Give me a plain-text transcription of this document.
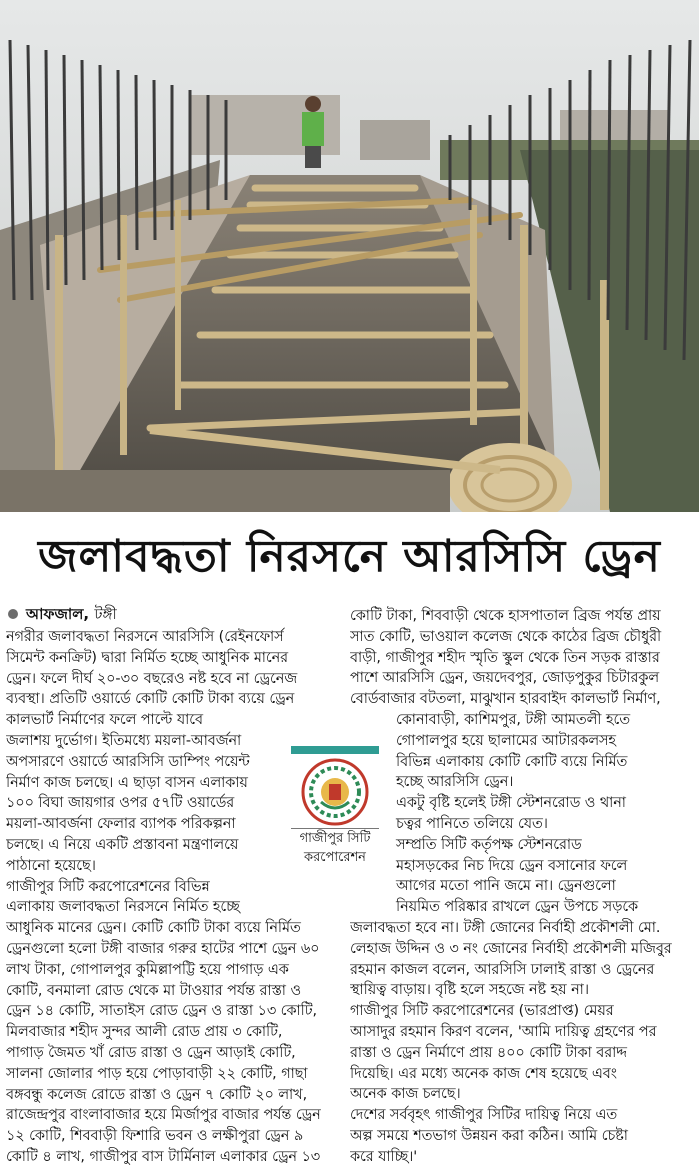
জলাবদ্ধতা নিরসনে আরসিসি ড্রেন
আফজাল, টঙ্গী
নগরীর জলাবদ্ধতা নিরসনে আরসিসি (রেইনফোর্স
সিমেন্ট কনক্রিট) দ্বারা নির্মিত হচ্ছে আধুনিক মানের
ড্রেন। ফলে দীর্ঘ ২০-৩০ বছরেও নষ্ট হবে না ড্রেনেজ
ব্যবস্থা। প্রতিটি ওয়ার্ডে কোটি কোটি টাকা ব্যয়ে ড্রেন
কালভার্ট নির্মাণের ফলে পাল্টে যাবে
জলাশয় দুর্ভোগ। ইতিমধ্যে ময়লা-আবর্জনা
অপসারণে ওয়ার্ডে আরসিসি ডাম্পিং পয়েন্ট
নির্মাণ কাজ চলছে। এ ছাড়া বাসন এলাকায়
১০০ বিঘা জায়গার ওপর ৫৭টি ওয়ার্ডের
ময়লা-আবর্জনা ফেলার ব্যাপক পরিকল্পনা
চলছে। এ নিয়ে একটি প্রস্তাবনা মন্ত্রণালয়ে
পাঠানো হয়েছে।
গাজীপুর সিটি করপোরেশনের বিভিন্ন
এলাকায় জলাবদ্ধতা নিরসনে নির্মিত হচ্ছে
আধুনিক মানের ড্রেন। কোটি কোটি টাকা ব্যয়ে নির্মিত
ড্রেনগুলো হলো টঙ্গী বাজার গরুর হাটের পাশে ড্রেন ৬০
লাখ টাকা, গোপালপুর কুমিল্লাপট্টি হয়ে পাগাড় এক
কোটি, বনমালা রোড থেকে মা টাওয়ার পর্যন্ত রাস্তা ও
ড্রেন ১৪ কোটি, সাতাইস রোড ড্রেন ও রাস্তা ১৩ কোটি,
মিলবাজার শহীদ সুন্দর আলী রোড প্রায় ৩ কোটি,
পাগাড় জৈমত খাঁ রোড রাস্তা ও ড্রেন আড়াই কোটি,
সালনা জোলার পাড় হয়ে পোড়াবাড়ী ২২ কোটি, গাছা
বঙ্গবন্ধু কলেজ রোডে রাস্তা ও ড্রেন ৭ কোটি ২০ লাখ,
রাজেন্দ্রপুর বাংলাবাজার হয়ে মির্জাপুর বাজার পর্যন্ত ড্রেন
১২ কোটি, শিববাড়ী ফিশারি ভবন ও লক্ষীপুরা ড্রেন ৯
কোটি ৪ লাখ, গাজীপুর বাস টার্মিনাল এলাকার ড্রেন ১৩
গাজীপুর সিটি
করপোরেশন
কোটি টাকা, শিববাড়ী থেকে হাসপাতাল ব্রিজ পর্যন্ত প্রায়
সাত কোটি, ভাওয়াল কলেজ থেকে কাঠের ব্রিজ চৌধুরী
বাড়ী, গাজীপুর শহীদ স্মৃতি স্কুল থেকে তিন সড়ক রাস্তার
পাশে আরসিসি ড্রেন, জয়দেবপুর, জোড়পুকুর চিটারকুল
বোর্ডবাজার বটতলা, মাঝুখান হারবাইদ কালভার্ট নির্মাণ,
কোনাবাড়ী, কাশিমপুর, টঙ্গী আমতলী হতে
গোপালপুর হয়ে ছালামের আটারকলসহ
বিভিন্ন এলাকায় কোটি কোটি ব্যয়ে নির্মিত
হচ্ছে আরসিসি ড্রেন।
একটু বৃষ্টি হলেই টঙ্গী স্টেশনরোড ও থানা
চত্বর পানিতে তলিয়ে যেত।
সম্প্রতি সিটি কর্তৃপক্ষ স্টেশনরোড
মহাসড়কের নিচ দিয়ে ড্রেন বসানোর ফলে
আগের মতো পানি জমে না। ড্রেনগুলো
নিয়মিত পরিষ্কার রাখলে ড্রেন উপচে সড়কে
জলাবদ্ধতা হবে না। টঙ্গী জোনের নির্বাহী প্রকৌশলী মো.
লেহাজ উদ্দিন ও ৩ নং জোনের নির্বাহী প্রকৌশলী মজিবুর
রহমান কাজল বলেন, আরসিসি ঢালাই রাস্তা ও ড্রেনের
স্থায়িত্ব বাড়ায়। বৃষ্টি হলে সহজে নষ্ট হয় না।
গাজীপুর সিটি করপোরেশনের (ভারপ্রাপ্ত) মেয়র
আসাদুর রহমান কিরণ বলেন, 'আমি দায়িত্ব গ্রহণের পর
রাস্তা ও ড্রেন নির্মাণে প্রায় ৪০০ কোটি টাকা বরাদ্দ
দিয়েছি। এর মধ্যে অনেক কাজ শেষ হয়েছে এবং
অনেক কাজ চলছে।
দেশের সর্ববৃহৎ গাজীপুর সিটির দায়িত্ব নিয়ে এত
অল্প সময়ে শতভাগ উন্নয়ন করা কঠিন। আমি চেষ্টা
করে যাচ্ছি।'
